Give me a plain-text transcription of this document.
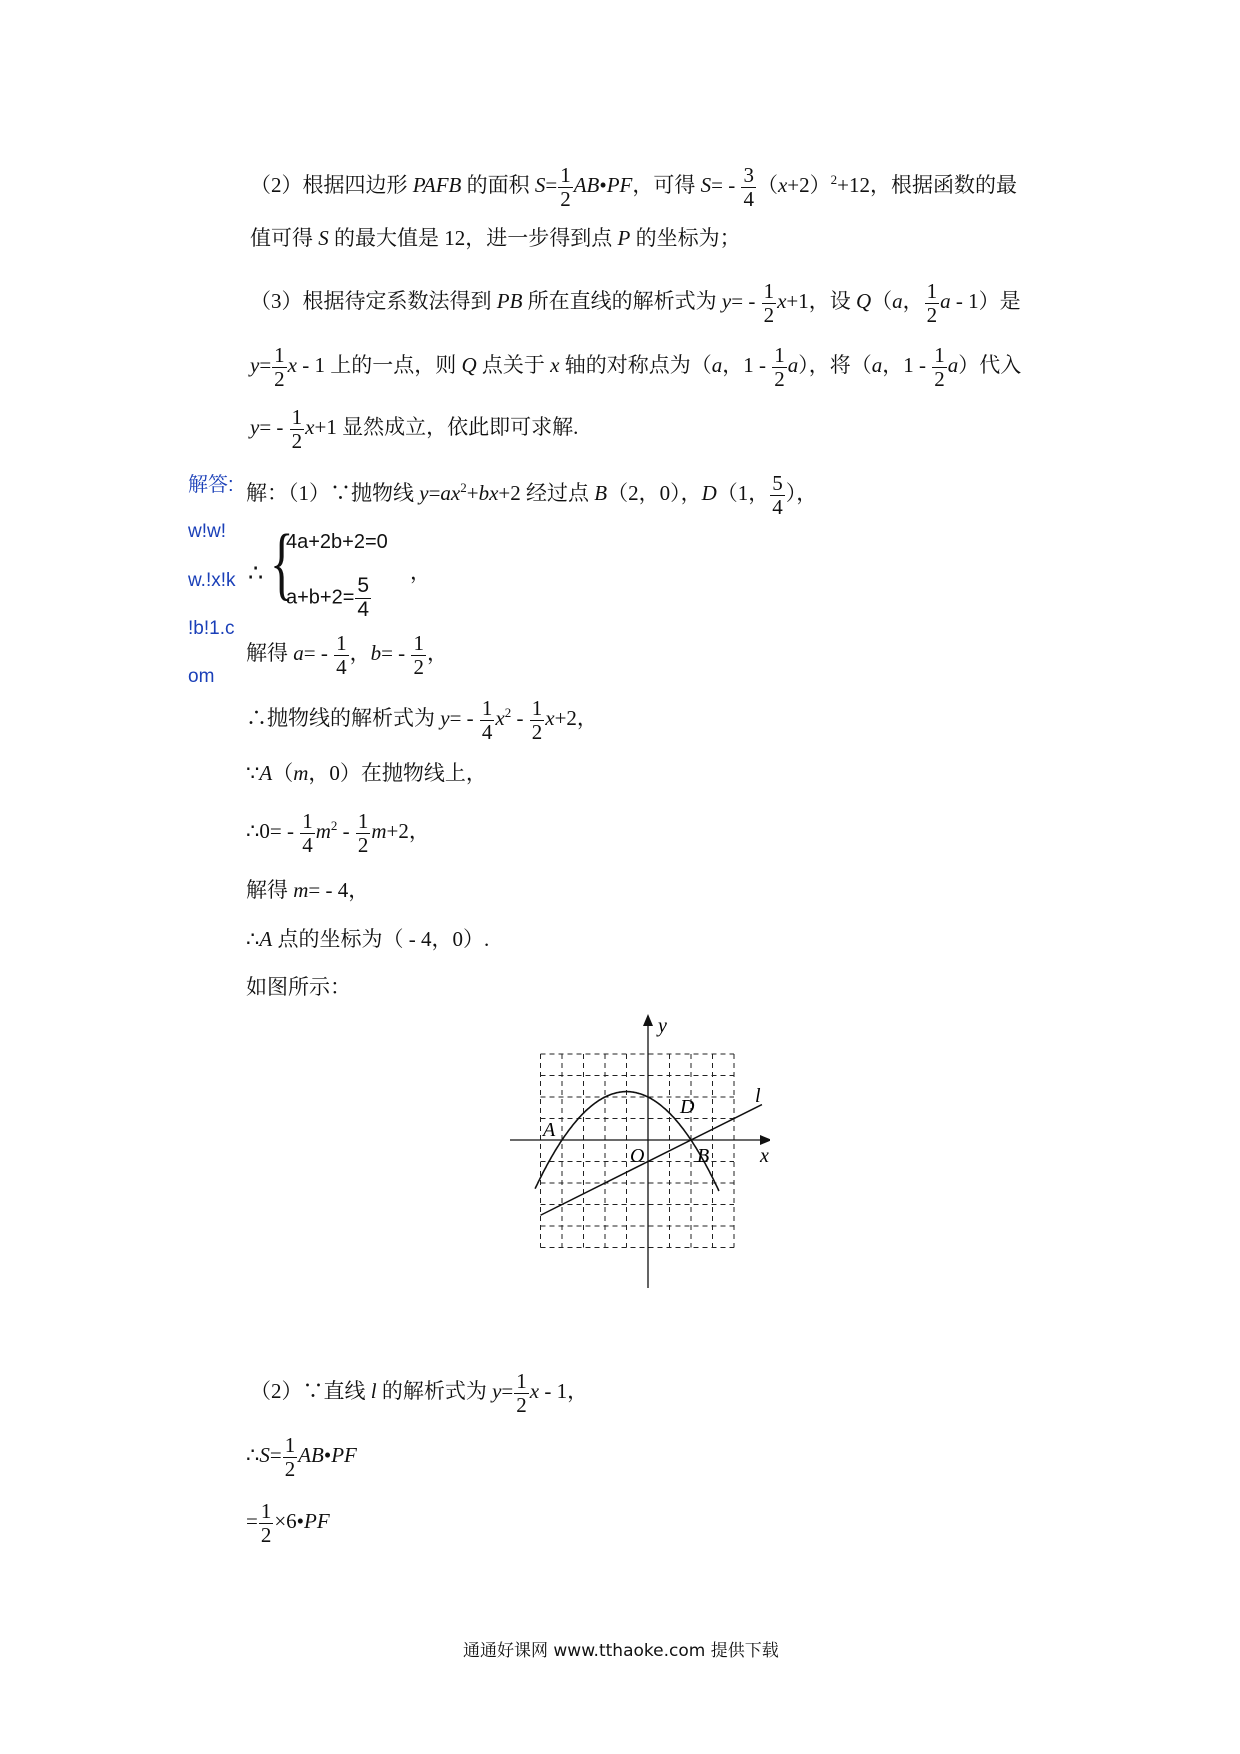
（2）根据四边形 PAFB 的面积 $S= \frac{1}{2}$ AB•PF，可得 $S= - \frac{3}{4} (x+2)^2+12$，根据函数的最
值可得 S 的最大值是 12，进一步得到点 P 的坐标为；
（3）根据待定系数法得到 PB 所在直线的解析式为 $y= - \frac{1}{2} x+1$，设 Q（a， $\frac{1}{2}$ a - 1）是
$y= \frac{1}{2}$ x - 1 上的一点，则 Q 点关于 x 轴的对称点为（a，$1 - \frac{1}{2} a$），将（a，$1 - \frac{1}{2} a$）代入
$y= - \frac{1}{2} x+1$ 显然成立，依此即可求解.
解答:
w!w!
w.!x!k
!b!1.c
om
解：（1）∵抛物线 $y=ax^2+bx+2$ 经过点 B（2，0），D（1， $\frac{5}{4}$ ），
∴ {
4a+2b+2=0
$a+b+2= \frac{5}{4}$
，
解得 $a= - \frac{1}{4}$ ，$b= - \frac{1}{2}$ ，
∴抛物线的解析式为 $y= - \frac{1}{4} x^2 - \frac{1}{2} x+2$，
∵A（m，0）在抛物线上，
∴0= - $\frac{1}{4} m^2 - \frac{1}{2} m+2$，
解得 m= - 4，
∴A 点的坐标为（ - 4，0）.
如图所示：
y
x
O
A
B
D	l
（2）∵直线 l 的解析式为 $y= \frac{1}{2}$ x - 1，
∴S= $\frac{1}{2}$ AB•PF
= $\frac{1}{2}$ ×6•PF
通通好课网 www.tthaoke.com 提供下载
